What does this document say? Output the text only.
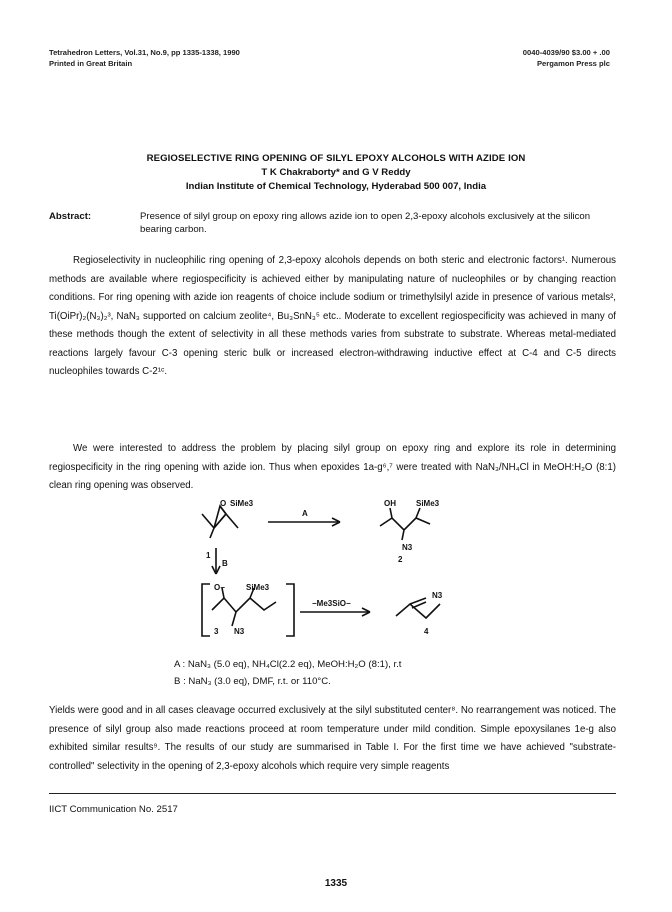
Tetrahedron Letters, Vol.31, No.9, pp 1335-1338, 1990
Printed in Great Britain
0040-4039/90 $3.00 + .00
Pergamon Press plc
REGIOSELECTIVE RING OPENING OF SILYL EPOXY ALCOHOLS WITH AZIDE ION
T K Chakraborty* and G V Reddy
Indian Institute of Chemical Technology, Hyderabad 500 007, India
Abstract:	Presence of silyl group on epoxy ring allows azide ion to open 2,3-epoxy alcohols exclusively at the silicon bearing carbon.
Regioselectivity in nucleophilic ring opening of 2,3-epoxy alcohols depends on both steric and electronic factors¹. Numerous methods are available where regiospecificity is achieved either by manipulating nature of nucleophiles or by changing reaction conditions. For ring opening with azide ion reagents of choice include sodium or trimethylsilyl azide in presence of various metals², Ti(OiPr)₂(N₃)₂³, NaN₃ supported on calcium zeolite⁴, Bu₃SnN₃⁵ etc.. Moderate to excellent regiospecificity was achieved in many of these methods though the extent of selectivity in all these methods varies from substrate to substrate. Whereas metal-mediated reactions largely favour C-3 opening steric bulk or increased electron-withdrawing inductive effect at C-4 and C-5 directs nucleophiles towards C-2¹ᶜ.
We were interested to address the problem by placing silyl group on epoxy ring and explore its role in determining regiospecificity in the ring opening with azide ion. Thus when epoxides 1a-g⁶,⁷ were treated with NaN₃/NH₄Cl in MeOH:H₂O (8:1) clean ring opening was observed.
O SiMe3
A
OH	SiMe3
N3
2
1
B
O−	SiMe3
3 N3
−Me3SiO−
N3
4
A : NaN₃ (5.0 eq), NH₄Cl(2.2 eq), MeOH:H₂O (8:1), r.t
B : NaN₃ (3.0 eq), DMF, r.t. or 110°C.
Yields were good and in all cases cleavage occurred exclusively at the silyl substituted center⁸. No rearrangement was noticed. The presence of silyl group also made reactions proceed at room temperature under mild condition. Simple epoxysilanes 1e-g also exhibited similar results⁹. The results of our study are summarised in Table I. For the first time we have achieved "substrate-controlled" selectivity in the opening of 2,3-epoxy alcohols which require very simple reagents
IICT Communication No. 2517
1335
